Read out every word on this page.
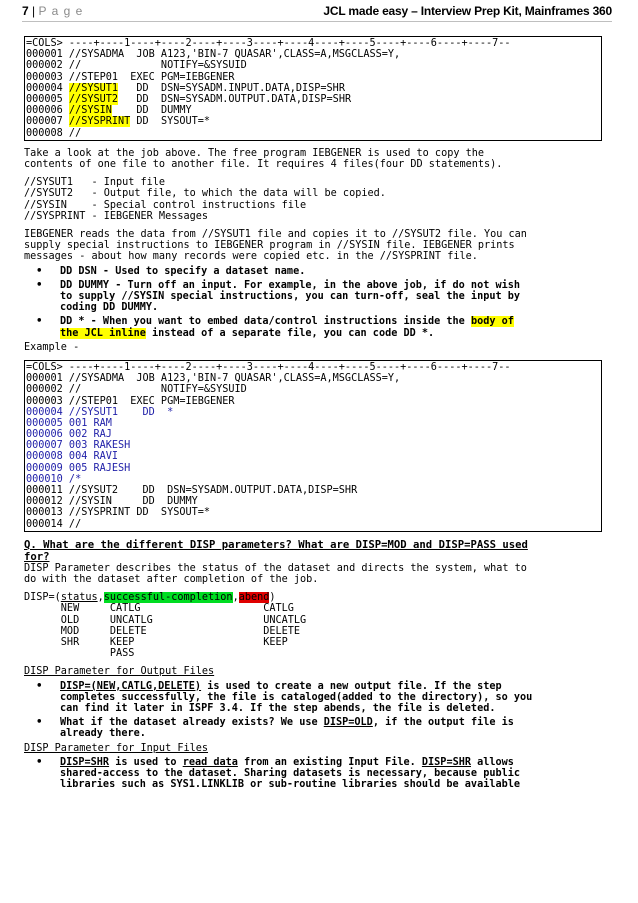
7 | P a g e	JCL made easy – Interview Prep Kit, Mainframes 360
=COLS> ----+----1----+----2----+----3----+----4----+----5----+----6----+----7--
000001 //SYSADMA  JOB A123,'BIN-7 QUASAR',CLASS=A,MSGCLASS=Y,
000002 //             NOTIFY=&SYSUID
000003 //STEP01  EXEC PGM=IEBGENER
000004 //SYSUT1   DD  DSN=SYSADM.INPUT.DATA,DISP=SHR
000005 //SYSUT2   DD  DSN=SYSADM.OUTPUT.DATA,DISP=SHR
000006 //SYSIN    DD  DUMMY
000007 //SYSPRINT DD  SYSOUT=*
000008 //
Take a look at the job above. The free program IEBGENER is used to copy the
contents of one file to another file. It requires 4 files(four DD statements).
//SYSUT1   - Input file
//SYSUT2   - Output file, to which the data will be copied.
//SYSIN    - Special control instructions file
//SYSPRINT - IEBGENER Messages
IEBGENER reads the data from //SYSUT1 file and copies it to //SYSUT2 file. You can
supply special instructions to IEBGENER program in //SYSIN file. IEBGENER prints
messages - about how many records were copied etc. in the //SYSPRINT file.
• DD DSN - Used to specify a dataset name.
• DD DUMMY - Turn off an input. For example, in the above job, if do not wish
to supply //SYSIN special instructions, you can turn-off, seal the input by
coding DD DUMMY.
• DD * - When you want to embed data/control instructions inside the body of
the JCL inline instead of a separate file, you can code DD *.
Example -
=COLS> ----+----1----+----2----+----3----+----4----+----5----+----6----+----7--
000001 //SYSADMA  JOB A123,'BIN-7 QUASAR',CLASS=A,MSGCLASS=Y,
000002 //             NOTIFY=&SYSUID
000003 //STEP01  EXEC PGM=IEBGENER
000004 //SYSUT1    DD  *
000005 001 RAM
000006 002 RAJ
000007 003 RAKESH
000008 004 RAVI
000009 005 RAJESH
000010 /*
000011 //SYSUT2    DD  DSN=SYSADM.OUTPUT.DATA,DISP=SHR
000012 //SYSIN     DD  DUMMY
000013 //SYSPRINT DD  SYSOUT=*
000014 //
Q. What are the different DISP parameters? What are DISP=MOD and DISP=PASS used
for?
DISP Parameter describes the status of the dataset and directs the system, what to
do with the dataset after completion of the job.
DISP=(status,successful-completion,abend)
NEW     CATLG                    CATLG
OLD     UNCATLG                  UNCATLG
MOD     DELETE                   DELETE
SHR     KEEP                     KEEP
PASS
DISP Parameter for Output Files
• DISP=(NEW,CATLG,DELETE) is used to create a new output file. If the step
completes successfully, the file is cataloged(added to the directory), so you
can find it later in ISPF 3.4. If the step abends, the file is deleted.
• What if the dataset already exists? We use DISP=OLD, if the output file is
already there.
DISP Parameter for Input Files
• DISP=SHR is used to read data from an existing Input File. DISP=SHR allows
shared-access to the dataset. Sharing datasets is necessary, because public
libraries such as SYS1.LINKLIB or sub-routine libraries should be available
